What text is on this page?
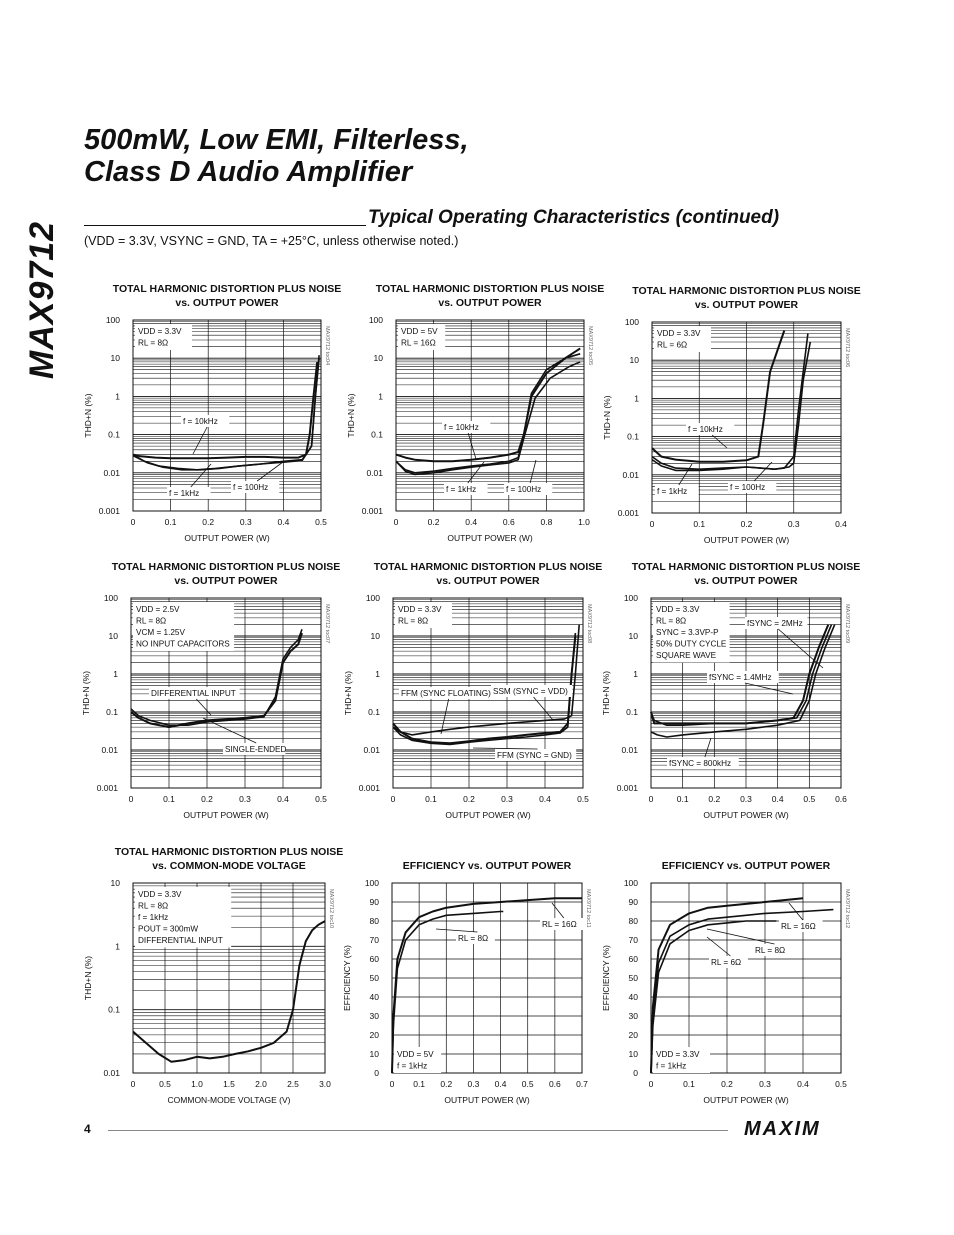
MAX9712
500mW, Low EMI, Filterless,
Class D Audio Amplifier
Typical Operating Characteristics (continued)
(VDD = 3.3V, VSYNC = GND, TA = +25°C, unless otherwise noted.)
TOTAL HARMONIC DISTORTION PLUS NOISE
vs. OUTPUT POWER
0	0.1	0.2	0.3	0.4	0.5
0.001
0.01
0.1
1
10
100
OUTPUT POWER (W)
THD+N (%)
MAX9712 toc04
VDD = 3.3V
RL = 8Ω
f = 10kHz
f = 1kHz
f = 100Hz
TOTAL HARMONIC DISTORTION PLUS NOISE
vs. OUTPUT POWER
0	0.2	0.4	0.6	0.8	1.0
0.001
0.01
0.1
1
10
100
OUTPUT POWER (W)
THD+N (%)
MAX9712 toc05
VDD = 5V
RL = 16Ω
f = 10kHz
f = 1kHz	f = 100Hz
TOTAL HARMONIC DISTORTION PLUS NOISE
vs. OUTPUT POWER
0	0.1	0.2	0.3	0.4
0.001
0.01
0.1
1
10
100
OUTPUT POWER (W)
THD+N (%)
MAX9712 toc06
VDD = 3.3V
RL = 6Ω
f = 10kHz
f = 1kHz	f = 100Hz
TOTAL HARMONIC DISTORTION PLUS NOISE
vs. OUTPUT POWER
0	0.1	0.2	0.3	0.4	0.5
0.001
0.01
0.1
1
10
100
OUTPUT POWER (W)
THD+N (%)
MAX9712 toc07
VDD = 2.5V
RL = 8Ω
VCM = 1.25V
NO INPUT CAPACITORS
DIFFERENTIAL INPUT
SINGLE-ENDED
TOTAL HARMONIC DISTORTION PLUS NOISE
vs. OUTPUT POWER
0	0.1	0.2	0.3	0.4	0.5
0.001
0.01
0.1
1
10
100
OUTPUT POWER (W)
THD+N (%)
MAX9712 toc08
VDD = 3.3V
RL = 8Ω
FFM (SYNC FLOATING) SSM (SYNC = VDD)
FFM (SYNC = GND)
TOTAL HARMONIC DISTORTION PLUS NOISE
vs. OUTPUT POWER
0	0.1 0.2 0.3 0.4 0.5 0.6
0.001
0.01
0.1
1
10
100
OUTPUT POWER (W)
THD+N (%)
MAX9712 toc09
VDD = 3.3V
RL = 8Ω
SYNC = 3.3VP-P
50% DUTY CYCLE
SQUARE WAVE
fSYNC = 2MHz
fSYNC = 1.4MHz
fSYNC = 800kHz
TOTAL HARMONIC DISTORTION PLUS NOISE
vs. COMMON-MODE VOLTAGE
0	0.5 1.0 1.5 2.0 2.5 3.0
0.01
0.1
1
10
COMMON-MODE VOLTAGE (V)
THD+N (%)
MAX9712 toc10
VDD = 3.3V
RL = 8Ω
f = 1kHz
POUT = 300mW
DIFFERENTIAL INPUT
EFFICIENCY vs. OUTPUT POWER
0 0.1 0.2 0.3 0.4 0.5 0.6 0.7
0
10
20
30
40
50
60
70
80
90
100
OUTPUT POWER (W)
EFFICIENCY (%)
MAX9712 toc11
VDD = 5V
f = 1kHz
RL = 16Ω
RL = 8Ω
EFFICIENCY vs. OUTPUT POWER
0	0.1	0.2	0.3	0.4	0.5
0
10
20
30
40
50
60
70
80
90
100
OUTPUT POWER (W)
EFFICIENCY (%)
MAX9712 toc12
VDD = 3.3V
f = 1kHz
RL = 16Ω
RL = 8Ω
RL = 6Ω
4	MAXIM
